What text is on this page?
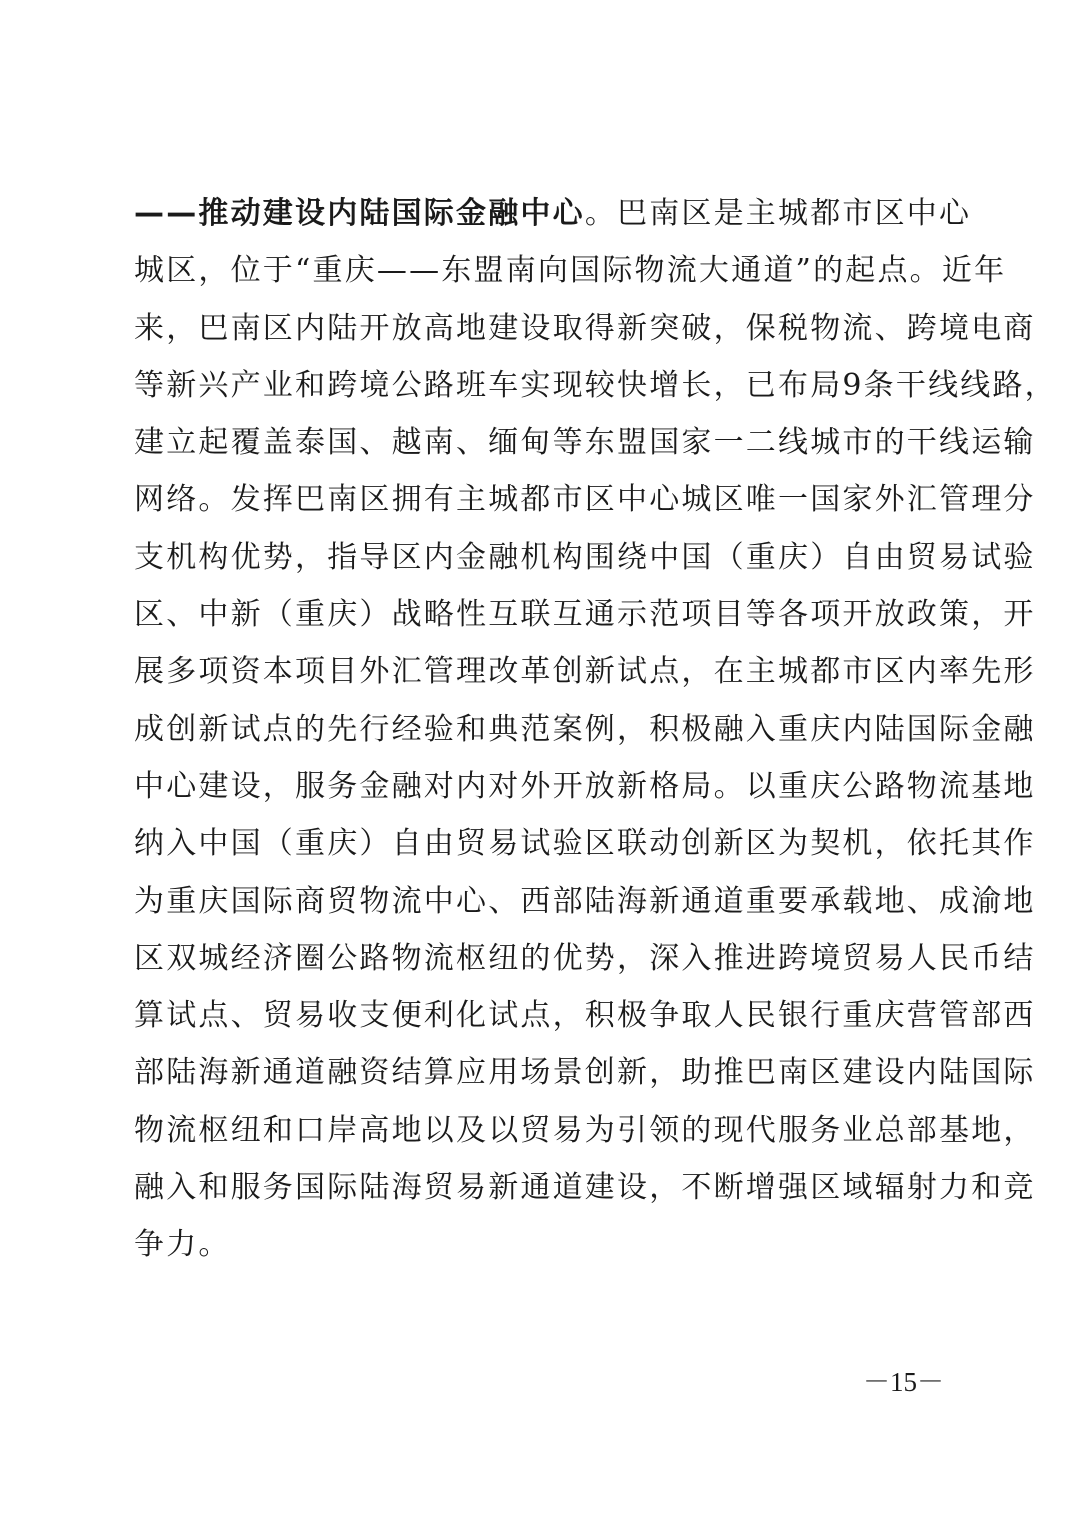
——推动建设内陆国际金融中心。巴南区是主城都市区中心
城区，位于“重庆——东盟南向国际物流大通道”的起点。近年
来，巴南区内陆开放高地建设取得新突破，保税物流、跨境电商
等新兴产业和跨境公路班车实现较快增长，已布局9条干线线路，
建立起覆盖泰国、越南、缅甸等东盟国家一二线城市的干线运输
网络。发挥巴南区拥有主城都市区中心城区唯一国家外汇管理分
支机构优势，指导区内金融机构围绕中国（重庆）自由贸易试验
区、中新（重庆）战略性互联互通示范项目等各项开放政策，开
展多项资本项目外汇管理改革创新试点，在主城都市区内率先形
成创新试点的先行经验和典范案例，积极融入重庆内陆国际金融
中心建设，服务金融对内对外开放新格局。以重庆公路物流基地
纳入中国（重庆）自由贸易试验区联动创新区为契机，依托其作
为重庆国际商贸物流中心、西部陆海新通道重要承载地、成渝地
区双城经济圈公路物流枢纽的优势，深入推进跨境贸易人民币结
算试点、贸易收支便利化试点，积极争取人民银行重庆营管部西
部陆海新通道融资结算应用场景创新，助推巴南区建设内陆国际
物流枢纽和口岸高地以及以贸易为引领的现代服务业总部基地，
融入和服务国际陆海贸易新通道建设，不断增强区域辐射力和竞
争力。
－15－
